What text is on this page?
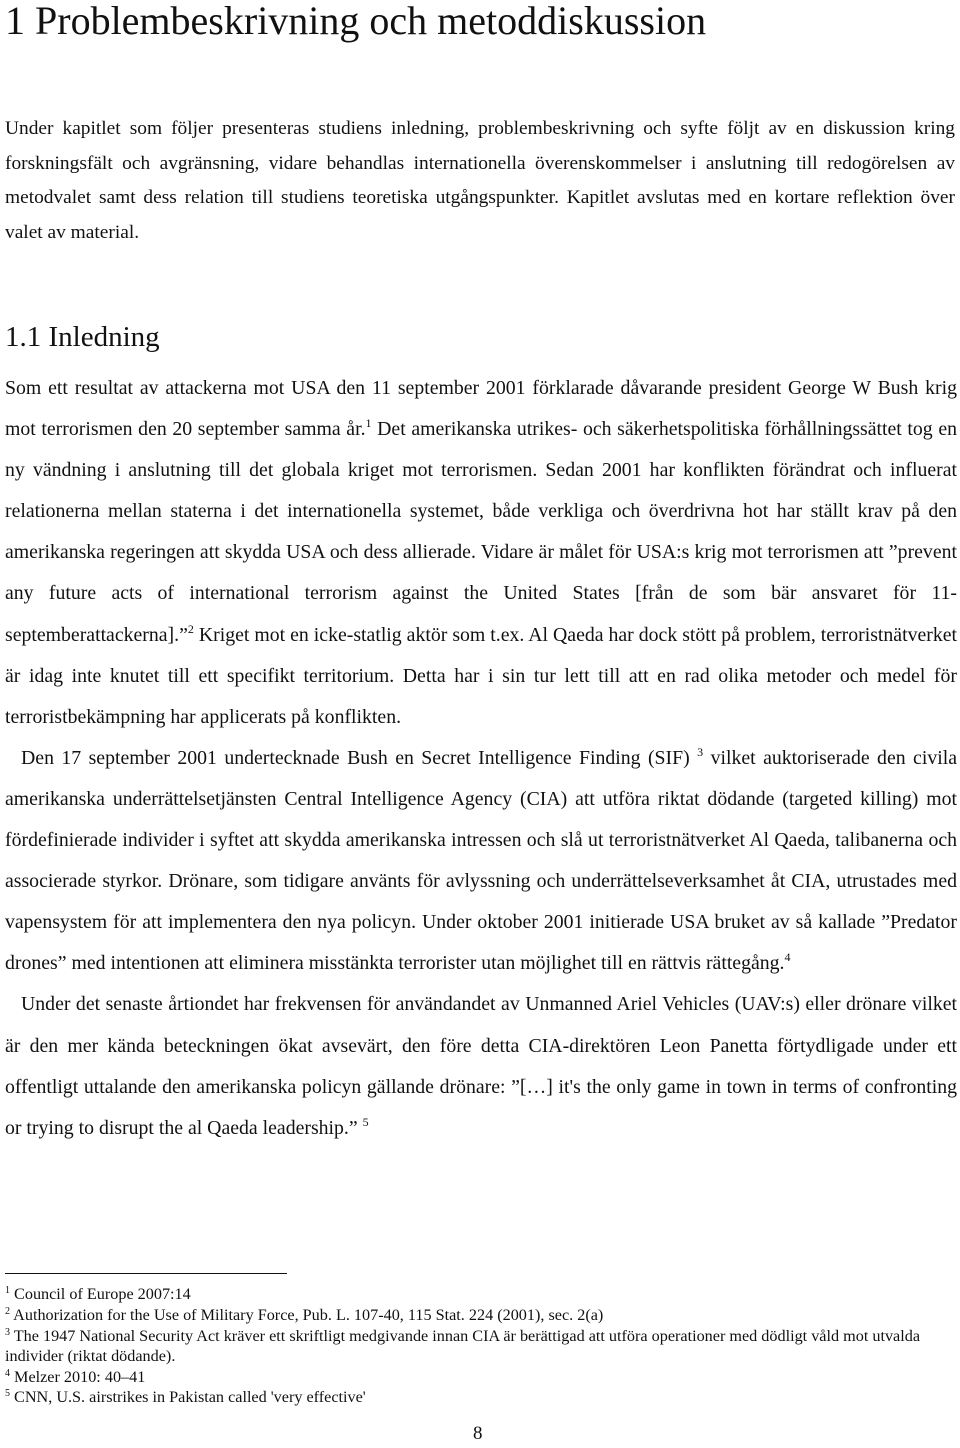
1 Problembeskrivning och metoddiskussion

Under kapitlet som följer presenteras studiens inledning, problembeskrivning och syfte följt av en diskussion kring forskningsfält och avgränsning, vidare behandlas internationella överenskommelser i anslutning till redogörelsen av metodvalet samt dess relation till studiens teoretiska utgångspunkter. Kapitlet avslutas med en kortare reflektion över valet av material.

1.1 Inledning

Som ett resultat av attackerna mot USA den 11 september 2001 förklarade dåvarande president George W Bush krig mot terrorismen den 20 september samma år.$^1$ Det amerikanska utrikes- och säkerhetspolitiska förhållningssättet tog en ny vändning i anslutning till det globala kriget mot terrorismen. Sedan 2001 har konflikten förändrat och influerat relationerna mellan staterna i det internationella systemet, både verkliga och överdrivna hot har ställt krav på den amerikanska regeringen att skydda USA och dess allierade. Vidare är målet för USA:s krig mot terrorismen att ”prevent any future acts of international terrorism against the United States [från de som bär ansvaret för 11-septemberattackerna].”$^2$ Kriget mot en icke-statlig aktör som t.ex. Al Qaeda har dock stött på problem, terroristnätverket är idag inte knutet till ett specifikt territorium. Detta har i sin tur lett till att en rad olika metoder och medel för terroristbekämpning har applicerats på konflikten.

Den 17 september 2001 undertecknade Bush en Secret Intelligence Finding (SIF) $^3$ vilket auktoriserade den civila amerikanska underrättelsetjänsten Central Intelligence Agency (CIA) att utföra riktat dödande (targeted killing) mot fördefinierade individer i syftet att skydda amerikanska intressen och slå ut terroristnätverket Al Qaeda, talibanerna och associerade styrkor. Drönare, som tidigare använts för avlyssning och underrättelseverksamhet åt CIA, utrustades med vapensystem för att implementera den nya policyn. Under oktober 2001 initierade USA bruket av så kallade ”Predator drones” med intentionen att eliminera misstänkta terrorister utan möjlighet till en rättvis rättegång.$^4$

Under det senaste årtiondet har frekvensen för användandet av Unmanned Ariel Vehicles (UAV:s) eller drönare vilket är den mer kända beteckningen ökat avsevärt, den före detta CIA-direktören Leon Panetta förtydligade under ett offentligt uttalande den amerikanska policyn gällande drönare: ”[…] it's the only game in town in terms of confronting or trying to disrupt the al Qaeda leadership.” $^5$

$^1$ Council of Europe 2007:14
$^2$ Authorization for the Use of Military Force, Pub. L. 107-40, 115 Stat. 224 (2001), sec. 2(a)
$^3$ The 1947 National Security Act kräver ett skriftligt medgivande innan CIA är berättigad att utföra operationer med dödligt våld mot utvalda individer (riktat dödande).
$^4$ Melzer 2010: 40–41
$^5$ CNN, U.S. airstrikes in Pakistan called 'very effective'
8
